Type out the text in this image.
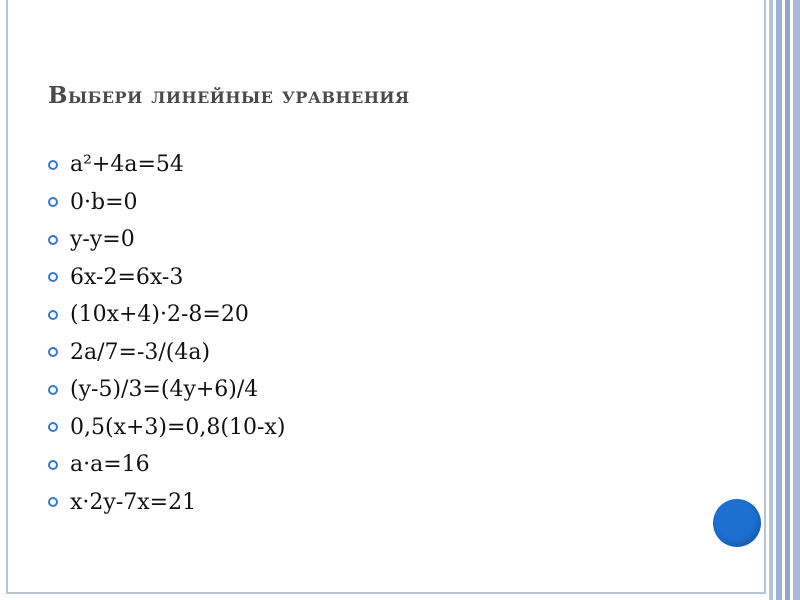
Выбери линейные уравнения
a²+4a=54
0·b=0
y-y=0
6x-2=6x-3
(10x+4)·2-8=20
2a/7=-3/(4a)
(y-5)/3=(4y+6)/4
0,5(x+3)=0,8(10-x)
a·a=16
x·2y-7x=21
